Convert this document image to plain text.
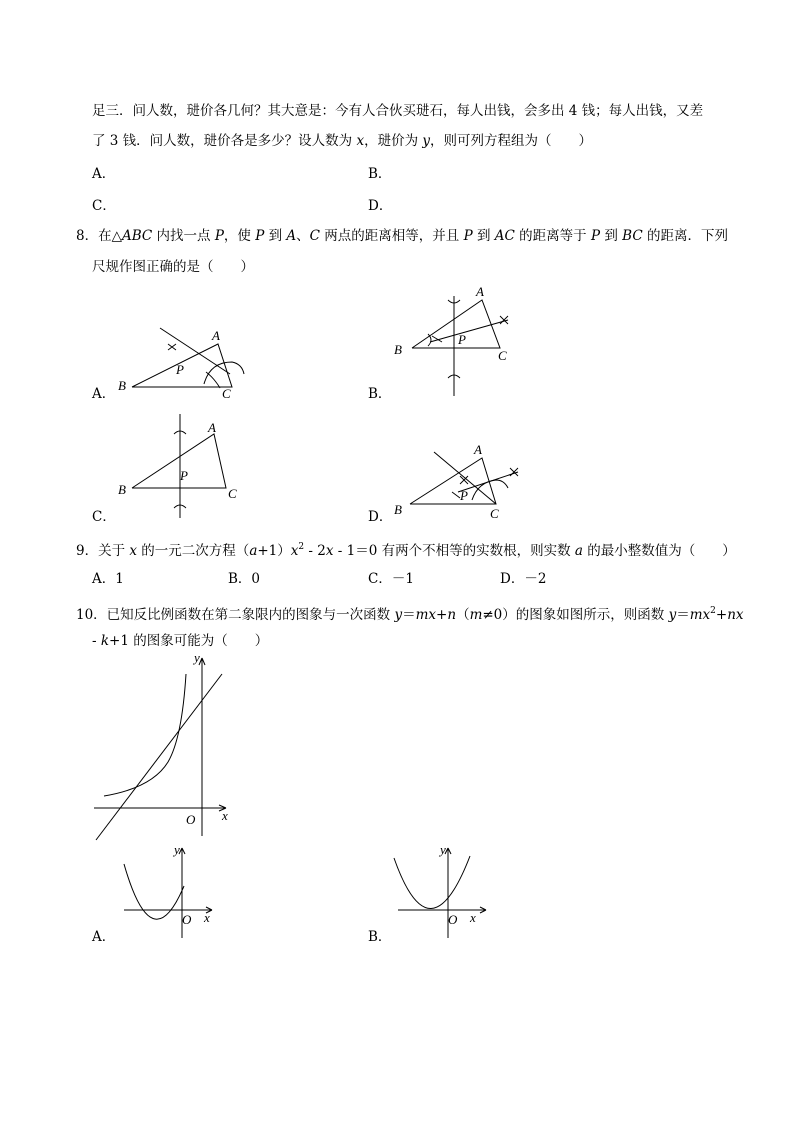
足三．问人数，琎价各几何？其大意是：今有人合伙买琎石，每人出钱，会多出 4 钱；每人出钱，又差
了 3 钱．问人数，琎价各是多少？设人数为 x，琎价为 y，则可列方程组为（　　）
A．	B．
C．	D．
8．在△ABC 内找一点 P，使 P 到 A、C 两点的距离相等，并且 P 到 AC 的距离等于 P 到 BC 的距离．下列
尺规作图正确的是（　　）
A．
A
B
C
P
B．
A
B	C
P
C．
A
B	C
P
D．
A
B	C
P
9．关于 x 的一元二次方程$(a+1)x^2 - 2x - 1=0$ 有两个不相等的实数根，则实数 a 的最小整数值为（　　）
A．1	B．0	C．－1	D．－2
10．已知反比例函数在第二象限内的图象与一次函数 y＝mx+n（m≠0）的图象如图所示，则函数 $y=mx^2+nx$
- k+1 的图象可能为（　　）
y
x
O
A．
y
x
O
B．
y
x
O
